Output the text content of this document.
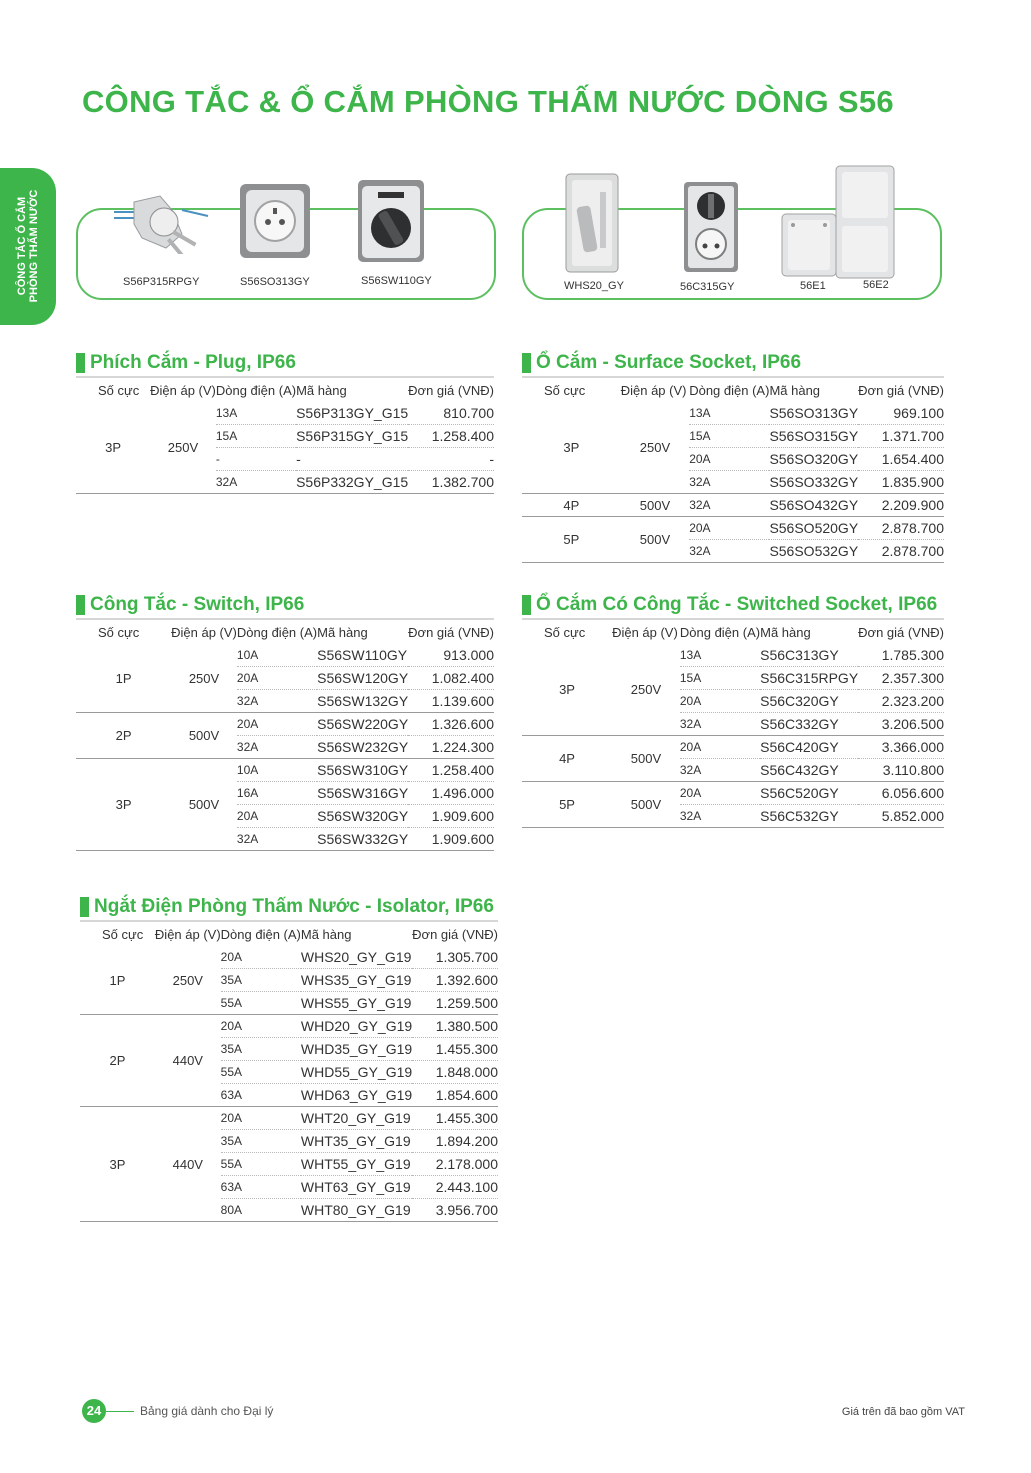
CÔNG TẮC & Ổ CẮM PHÒNG THẤM NƯỚC DÒNG S56
CÔNG TẮC Ổ CẮM PHÒNG THẤM NƯỚC	S56P315RPGY	S56SO313GY	S56SW110GY	WHS20_GY	56C315GY	56E1	56E2
Phích Cắm - Plug, IP66
Số cực	Điện áp (V)	Dòng điện (A)	Mã hàng	Đơn giá (VNĐ)
3P	250V	13A	S56P313GY_G15	810.700
		15A	S56P315GY_G15	1.258.400
		-	-	-
		32A	S56P332GY_G15	1.382.700
Ổ Cắm - Surface Socket, IP66
Số cực	Điện áp (V)	Dòng điện (A)	Mã hàng	Đơn giá (VNĐ)
3P	250V	13A	S56SO313GY	969.100
		15A	S56SO315GY	1.371.700
		20A	S56SO320GY	1.654.400
		32A	S56SO332GY	1.835.900
4P	500V	32A	S56SO432GY	2.209.900
5P	500V	20A	S56SO520GY	2.878.700
		32A	S56SO532GY	2.878.700
Công Tắc - Switch, IP66
Số cực	Điện áp (V)	Dòng điện (A)	Mã hàng	Đơn giá (VNĐ)
1P	250V	10A	S56SW110GY	913.000
		20A	S56SW120GY	1.082.400
		32A	S56SW132GY	1.139.600
2P	500V	20A	S56SW220GY	1.326.600
		32A	S56SW232GY	1.224.300
3P	500V	10A	S56SW310GY	1.258.400
		16A	S56SW316GY	1.496.000
		20A	S56SW320GY	1.909.600
		32A	S56SW332GY	1.909.600
Ổ Cắm Có Công Tắc - Switched Socket, IP66
Số cực	Điện áp (V)	Dòng điện (A)	Mã hàng	Đơn giá (VNĐ)
3P	250V	13A	S56C313GY	1.785.300
		15A	S56C315RPGY	2.357.300
		20A	S56C320GY	2.323.200
		32A	S56C332GY	3.206.500
4P	500V	20A	S56C420GY	3.366.000
		32A	S56C432GY	3.110.800
5P	500V	20A	S56C520GY	6.056.600
		32A	S56C532GY	5.852.000
Ngắt Điện Phòng Thấm Nước - Isolator, IP66
Số cực	Điện áp (V)	Dòng điện (A)	Mã hàng	Đơn giá (VNĐ)
1P	250V	20A	WHS20_GY_G19	1.305.700
		35A	WHS35_GY_G19	1.392.600
		55A	WHS55_GY_G19	1.259.500
2P	440V	20A	WHD20_GY_G19	1.380.500
		35A	WHD35_GY_G19	1.455.300
		55A	WHD55_GY_G19	1.848.000
		63A	WHD63_GY_G19	1.854.600
3P	440V	20A	WHT20_GY_G19	1.455.300
		35A	WHT35_GY_G19	1.894.200
		55A	WHT55_GY_G19	2.178.000
		63A	WHT63_GY_G19	2.443.100
		80A	WHT80_GY_G19	3.956.700
24	Bảng giá dành cho Đại lý	Giá trên đã bao gồm VAT
